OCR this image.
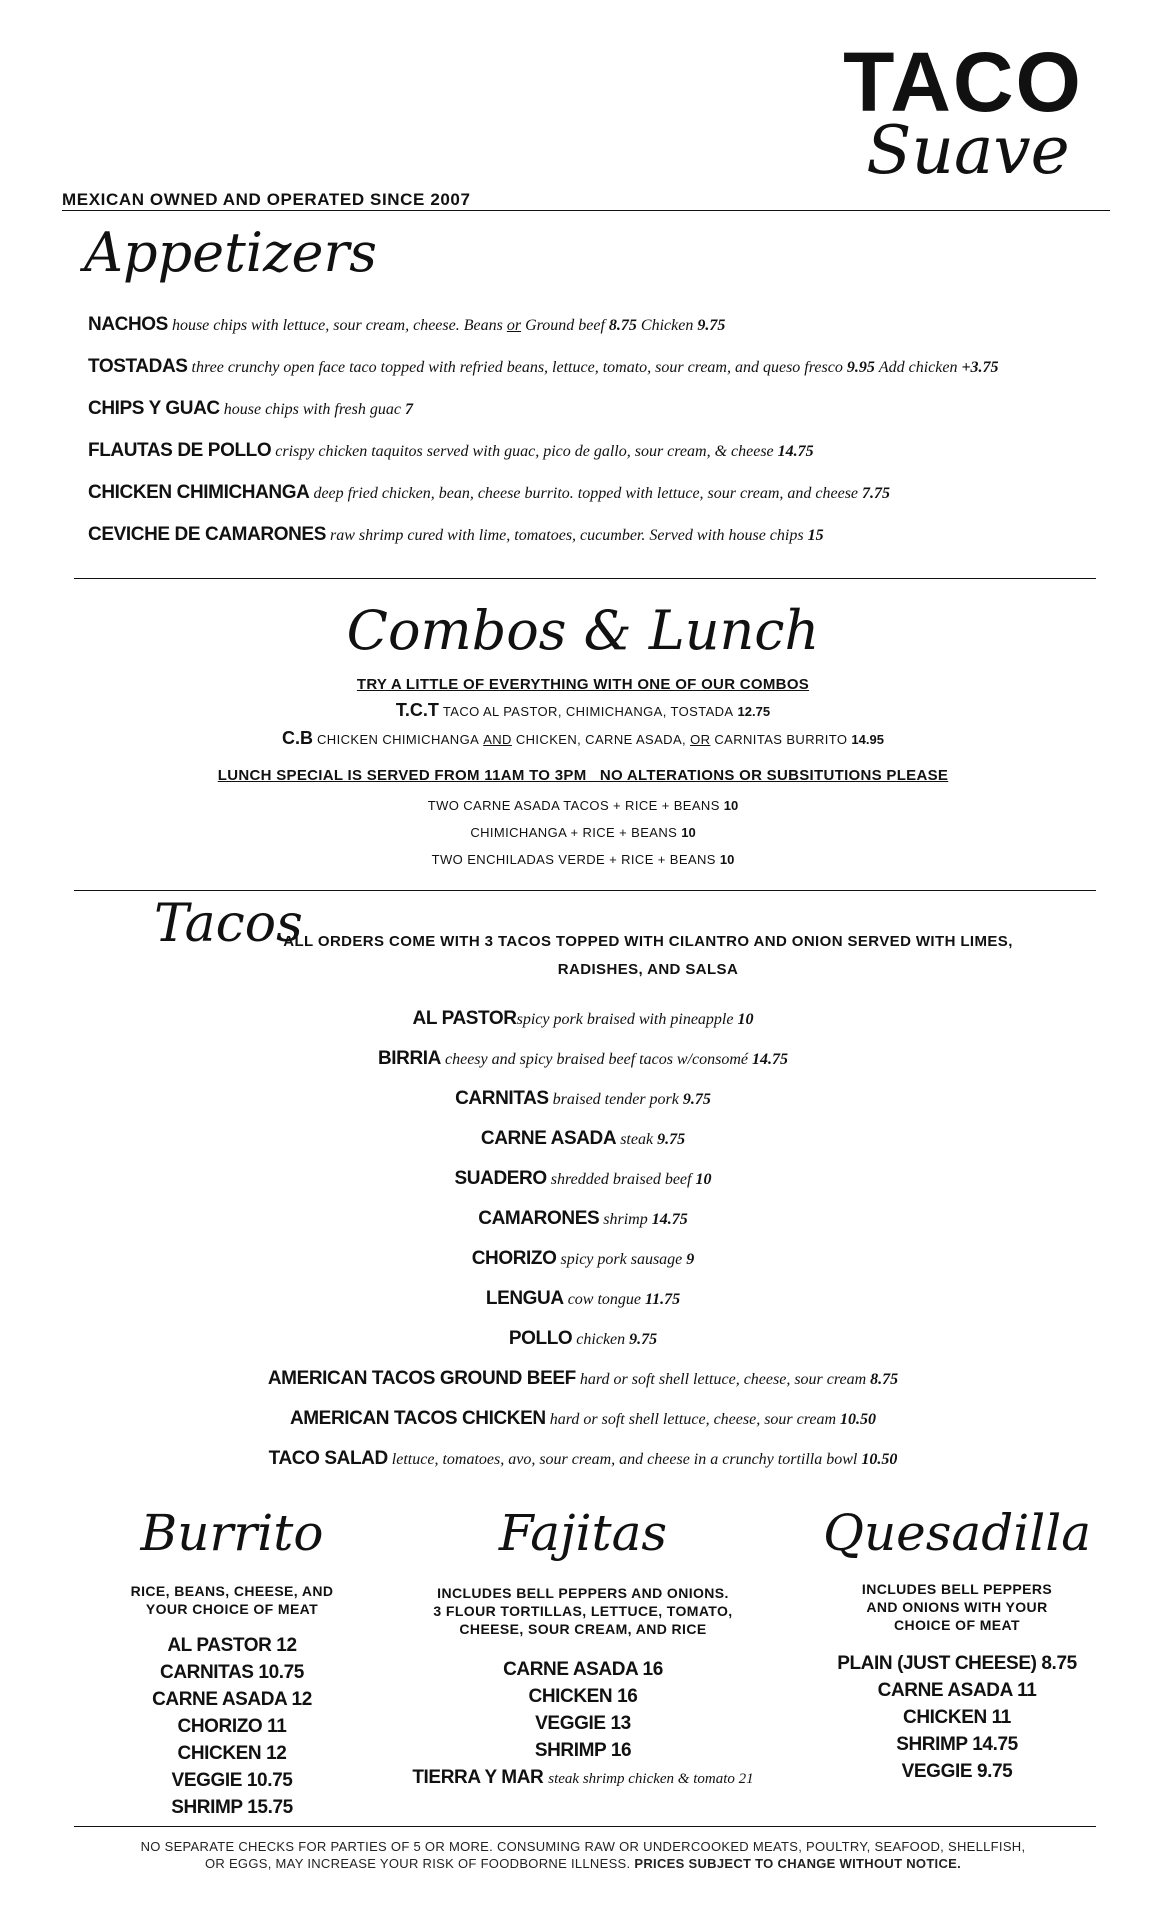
TACO
Suave
MEXICAN OWNED AND OPERATED SINCE 2007
Appetizers
NACHOS house chips with lettuce, sour cream, cheese. Beans or Ground beef 8.75 Chicken 9.75
TOSTADAS three crunchy open face taco topped with refried beans, lettuce, tomato, sour cream, and queso fresco 9.95 Add chicken +3.75
CHIPS Y GUAC house chips with fresh guac 7
FLAUTAS DE POLLO crispy chicken taquitos served with guac, pico de gallo, sour cream, & cheese 14.75
CHICKEN CHIMICHANGA deep fried chicken, bean, cheese burrito. topped with lettuce, sour cream, and cheese 7.75
CEVICHE DE CAMARONES raw shrimp cured with lime, tomatoes, cucumber. Served with house chips 15
Combos & Lunch
TRY A LITTLE OF EVERYTHING WITH ONE OF OUR COMBOS
T.C.T TACO AL PASTOR, CHIMICHANGA, TOSTADA 12.75
C.B CHICKEN CHIMICHANGA AND CHICKEN, CARNE ASADA, OR CARNITAS BURRITO 14.95
LUNCH SPECIAL IS SERVED FROM 11AM TO 3PM   NO ALTERATIONS OR SUBSITUTIONS PLEASE
TWO CARNE ASADA TACOS + RICE + BEANS 10
CHIMICHANGA + RICE + BEANS 10
TWO ENCHILADAS VERDE + RICE + BEANS 10
Tacos
ALL ORDERS COME WITH 3 TACOS TOPPED WITH CILANTRO AND ONION SERVED WITH LIMES, RADISHES, AND SALSA
AL PASTORspicy pork braised with pineapple 10
BIRRIA cheesy and spicy braised beef tacos w/consomé 14.75
CARNITAS braised tender pork 9.75
CARNE ASADA steak 9.75
SUADERO shredded braised beef 10
CAMARONES shrimp 14.75
CHORIZO spicy pork sausage 9
LENGUA cow tongue 11.75
POLLO chicken 9.75
AMERICAN TACOS GROUND BEEF hard or soft shell lettuce, cheese, sour cream 8.75
AMERICAN TACOS CHICKEN hard or soft shell lettuce, cheese, sour cream 10.50
TACO SALAD lettuce, tomatoes, avo, sour cream, and cheese in a crunchy tortilla bowl 10.50
Burrito
RICE, BEANS, CHEESE, AND
YOUR CHOICE OF MEAT
AL PASTOR 12
CARNITAS 10.75
CARNE ASADA 12
CHORIZO 11
CHICKEN 12
VEGGIE 10.75
SHRIMP 15.75
Fajitas
INCLUDES BELL PEPPERS AND ONIONS.
3 FLOUR TORTILLAS, LETTUCE, TOMATO,
CHEESE, SOUR CREAM, AND RICE
CARNE ASADA 16
CHICKEN 16
VEGGIE 13
SHRIMP 16
TIERRA Y MAR steak shrimp chicken & tomato 21
Quesadilla
INCLUDES BELL PEPPERS
AND ONIONS WITH YOUR
CHOICE OF MEAT
PLAIN (JUST CHEESE) 8.75
CARNE ASADA 11
CHICKEN 11
SHRIMP 14.75
VEGGIE 9.75
NO SEPARATE CHECKS FOR PARTIES OF 5 OR MORE. CONSUMING RAW OR UNDERCOOKED MEATS, POULTRY, SEAFOOD, SHELLFISH,
OR EGGS, MAY INCREASE YOUR RISK OF FOODBORNE ILLNESS. PRICES SUBJECT TO CHANGE WITHOUT NOTICE.
